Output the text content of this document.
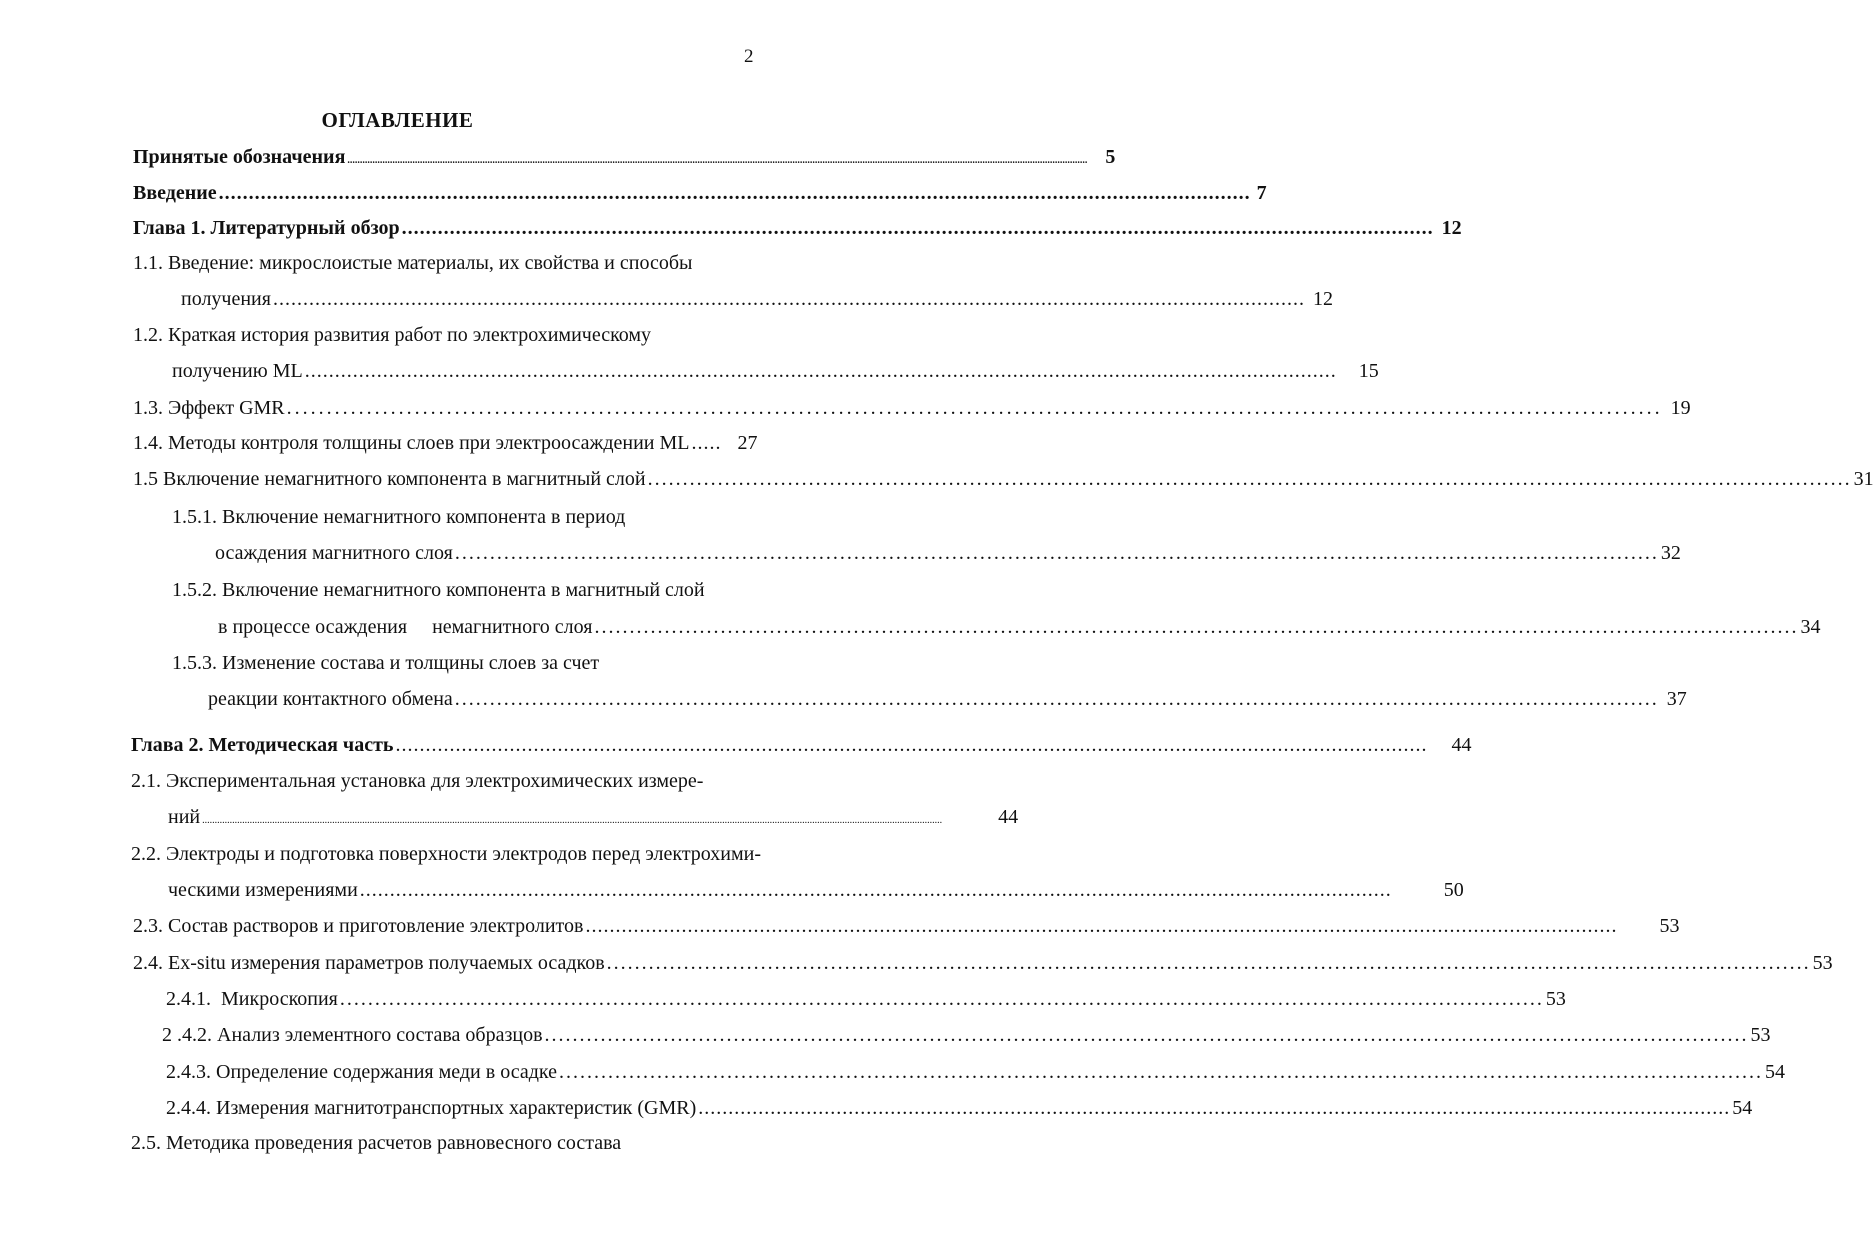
2
ОГЛАВЛЕНИЕ
Принятые обозначения ........................................................................................................................................................................................................................................................................................................ 5
Введение ............................................................................................................................................................................ 7
Глава 1. Литературный обзор ............................................................................................................................................................................ 12
1.1. Введение: микрослоистые материалы, их свойства и способы
получения ............................................................................................................................................................................ 12
1.2. Краткая история развития работ по электрохимическому
получению ML ............................................................................................................................................................................ 15
1.3. Эффект GMR ............................................................................................................................................................................ 19
1.4. Методы контроля толщины слоев при электроосаждении ML ..... 27
1.5 Включение немагнитного компонента в магнитный слой ............................................................................................................................................................................ 31
1.5.1. Включение немагнитного компонента в период
осаждения магнитного слоя ............................................................................................................................................................................ 32
1.5.2. Включение немагнитного компонента в магнитный слой
в процессе осаждения     немагнитного слоя ............................................................................................................................................................................ 34
1.5.3. Изменение состава и толщины слоев за счет
реакции контактного обмена ............................................................................................................................................................................ 37
Глава 2. Методическая часть ............................................................................................................................................................................ 44
2.1. Экспериментальная установка для электрохимических измере-
ний ........................................................................................................................................................................................................................................................................................................	44
2.2. Электроды и подготовка поверхности электродов перед электрохими-
ческими измерениями ............................................................................................................................................................................	50
2.3. Состав растворов и приготовление электролитов ............................................................................................................................................................................ 53
2.4. Ex-situ измерения параметров получаемых осадков ............................................................................................................................................................................ 53
2.4.1.  Микроскопия ............................................................................................................................................................................ 53
2 .4.2. Анализ элементного состава образцов ............................................................................................................................................................................ 53
2.4.3. Определение содержания меди в осадке ............................................................................................................................................................................ 54
2.4.4. Измерения магнитотранспортных характеристик (GMR) ............................................................................................................................................................................ 54
2.5. Методика проведения расчетов равновесного состава
